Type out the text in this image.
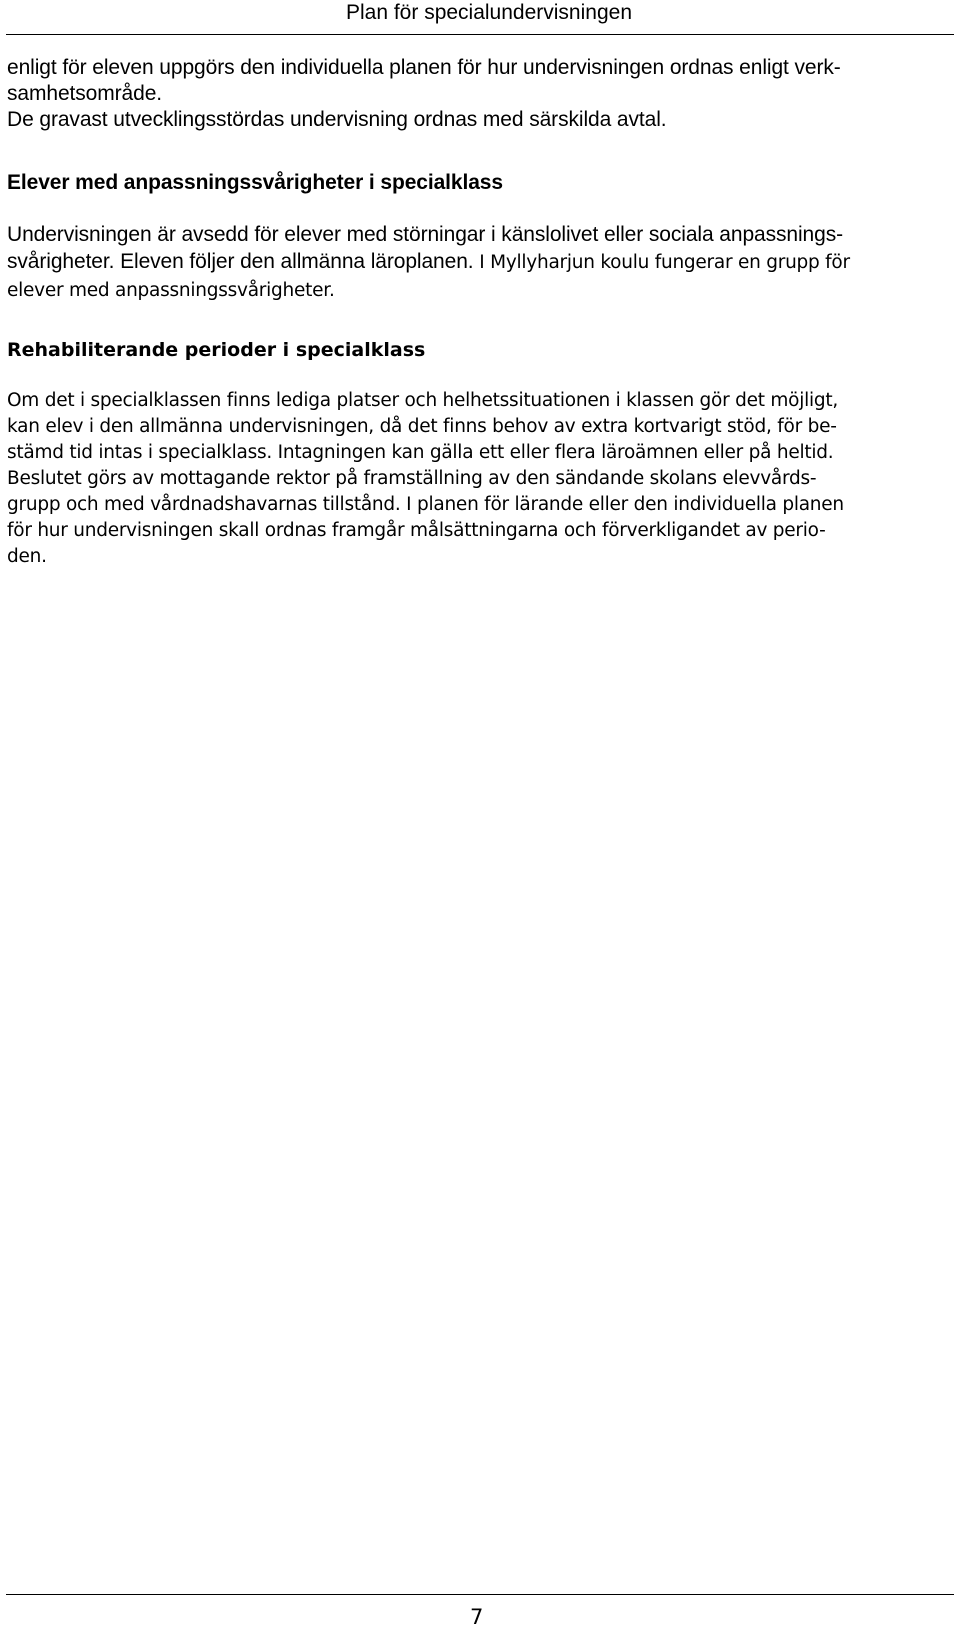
Plan för specialundervisningen

enligt för eleven uppgörs den individuella planen för hur undervisningen ordnas enligt verk-
samhetsområde.
De gravast utvecklingsstördas undervisning ordnas med särskilda avtal.

Elever med anpassningssvårigheter i specialklass

Undervisningen är avsedd för elever med störningar i känslolivet eller sociala anpassnings-
svårigheter. Eleven följer den allmänna läroplanen. I Myllyharjun koulu fungerar en grupp för
elever med anpassningssvårigheter.

Rehabiliterande perioder i specialklass

Om det i specialklassen finns lediga platser och helhetssituationen i klassen gör det möjligt,
kan elev i den allmänna undervisningen, då det finns behov av extra kortvarigt stöd, för be-
stämd tid intas i specialklass. Intagningen kan gälla ett eller flera läroämnen eller på heltid.
Beslutet görs av mottagande rektor på framställning av den sändande skolans elevvårds-
grupp och med vårdnadshavarnas tillstånd. I planen för lärande eller den individuella planen
för hur undervisningen skall ordnas framgår målsättningarna och förverkligandet av perio-
den.

7
